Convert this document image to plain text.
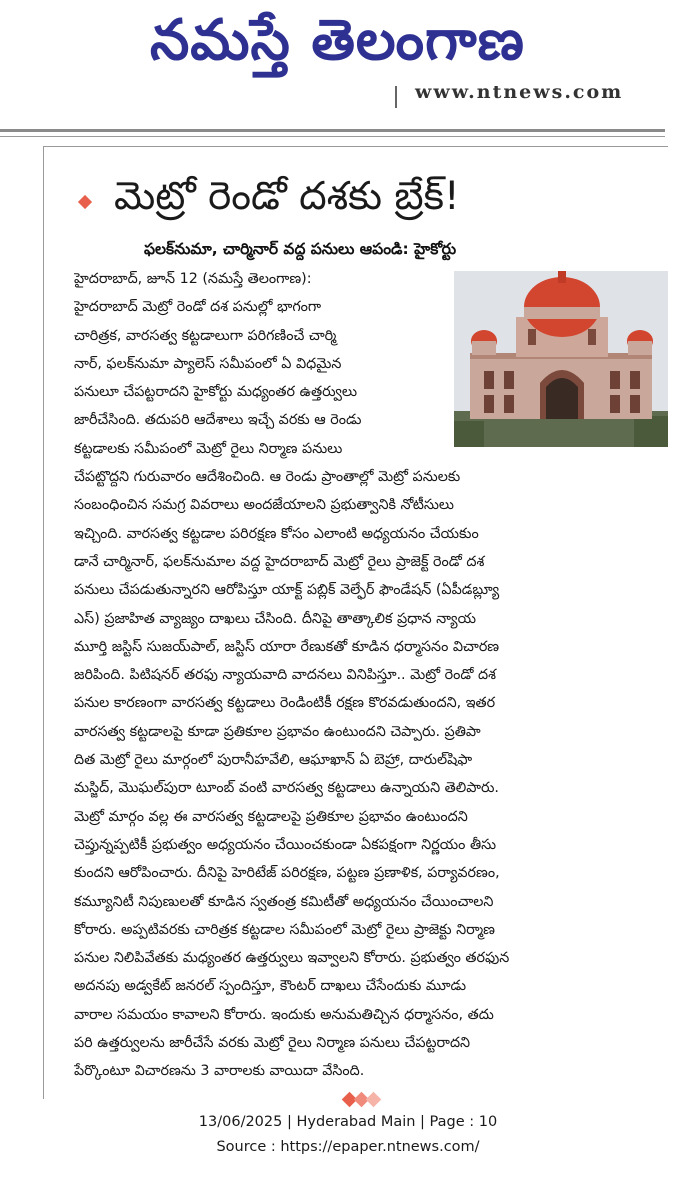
నమస్తే తెలంగాణ
www.ntnews.com
మెట్రో రెండో దశకు బ్రేక్!
ఫలక్‌నుమా, చార్మినార్ వద్ద పనులు ఆపండి: హైకోర్టు
హైదరాబాద్, జూన్ 12 (నమస్తే తెలంగాణ):
హైదరాబాద్ మెట్రో రెండో దశ పనుల్లో భాగంగా
చారిత్రక, వారసత్వ కట్టడాలుగా పరిగణించే చార్మి
నార్, ఫలక్‌నుమా ప్యాలెస్ సమీపంలో ఏ విధమైన
పనులూ చేపట్టరాదని హైకోర్టు మధ్యంతర ఉత్తర్వులు
జారీచేసింది. తదుపరి ఆదేశాలు ఇచ్చే వరకు ఆ రెండు
కట్టడాలకు సమీపంలో మెట్రో రైలు నిర్మాణ పనులు
చేపట్టొద్దని గురువారం ఆదేశించింది. ఆ రెండు ప్రాంతాల్లో మెట్రో పనులకు
సంబంధించిన సమగ్ర వివరాలు అందజేయాలని ప్రభుత్వానికి నోటీసులు
ఇచ్చింది. వారసత్వ కట్టడాల పరిరక్షణ కోసం ఎలాంటి అధ్యయనం చేయకుం
డానే చార్మినార్, ఫలక్‌నుమాల వద్ద హైదరాబాద్ మెట్రో రైలు ప్రాజెక్ట్ రెండో దశ
పనులు చేపడుతున్నారని ఆరోపిస్తూ యాక్ట్ పబ్లిక్ వెల్ఫేర్ ఫౌండేషన్ (ఏపీడబ్ల్యూ
ఎస్) ప్రజాహిత వ్యాజ్యం దాఖలు చేసింది. దీనిపై తాత్కాలిక ప్రధాన న్యాయ
మూర్తి జస్టిస్ సుజయ్‌పాల్, జస్టిస్ యారా రేణుకతో కూడిన ధర్మాసనం విచారణ
జరిపింది. పిటిషనర్ తరఫు న్యాయవాది వాదనలు వినిపిస్తూ.. మెట్రో రెండో దశ
పనుల కారణంగా వారసత్వ కట్టడాలు రెండింటికీ రక్షణ కొరవడుతుందని, ఇతర
వారసత్వ కట్టడాలపై కూడా ప్రతికూల ప్రభావం ఉంటుందని చెప్పారు. ప్రతిపా
దిత మెట్రో రైలు మార్గంలో పురానీహవేలి, ఆఘాఖాన్ ఏ బెహ్రా, దారుల్‌షిఫా
మస్జిద్, మొఘల్‌పురా టూంబ్ వంటి వారసత్వ కట్టడాలు ఉన్నాయని తెలిపారు.
మెట్రో మార్గం వల్ల ఈ వారసత్వ కట్టడాలపై ప్రతికూల ప్రభావం ఉంటుందని
చెప్తున్నప్పటికీ ప్రభుత్వం అధ్యయనం చేయించకుండా ఏకపక్షంగా నిర్ణయం తీసు
కుందని ఆరోపించారు. దీనిపై హెరిటేజ్ పరిరక్షణ, పట్టణ ప్రణాళిక, పర్యావరణం,
కమ్యూనిటీ నిపుణులతో కూడిన స్వతంత్ర కమిటీతో అధ్యయనం చేయించాలని
కోరారు. అప్పటివరకు చారిత్రక కట్టడాల సమీపంలో మెట్రో రైలు ప్రాజెక్టు నిర్మాణ
పనుల నిలిపివేతకు మధ్యంతర ఉత్తర్వులు ఇవ్వాలని కోరారు. ప్రభుత్వం తరఫున
అదనపు అడ్వకేట్ జనరల్ స్పందిస్తూ, కౌంటర్ దాఖలు చేసేందుకు మూడు
వారాల సమయం కావాలని కోరారు. ఇందుకు అనుమతిచ్చిన ధర్మాసనం, తదు
పరి ఉత్తర్వులను జారీచేసే వరకు మెట్రో రైలు నిర్మాణ పనులు చేపట్టరాదని
పేర్కొంటూ విచారణను 3 వారాలకు వాయిదా వేసింది.
13/06/2025 | Hyderabad Main | Page : 10
Source : https://epaper.ntnews.com/
